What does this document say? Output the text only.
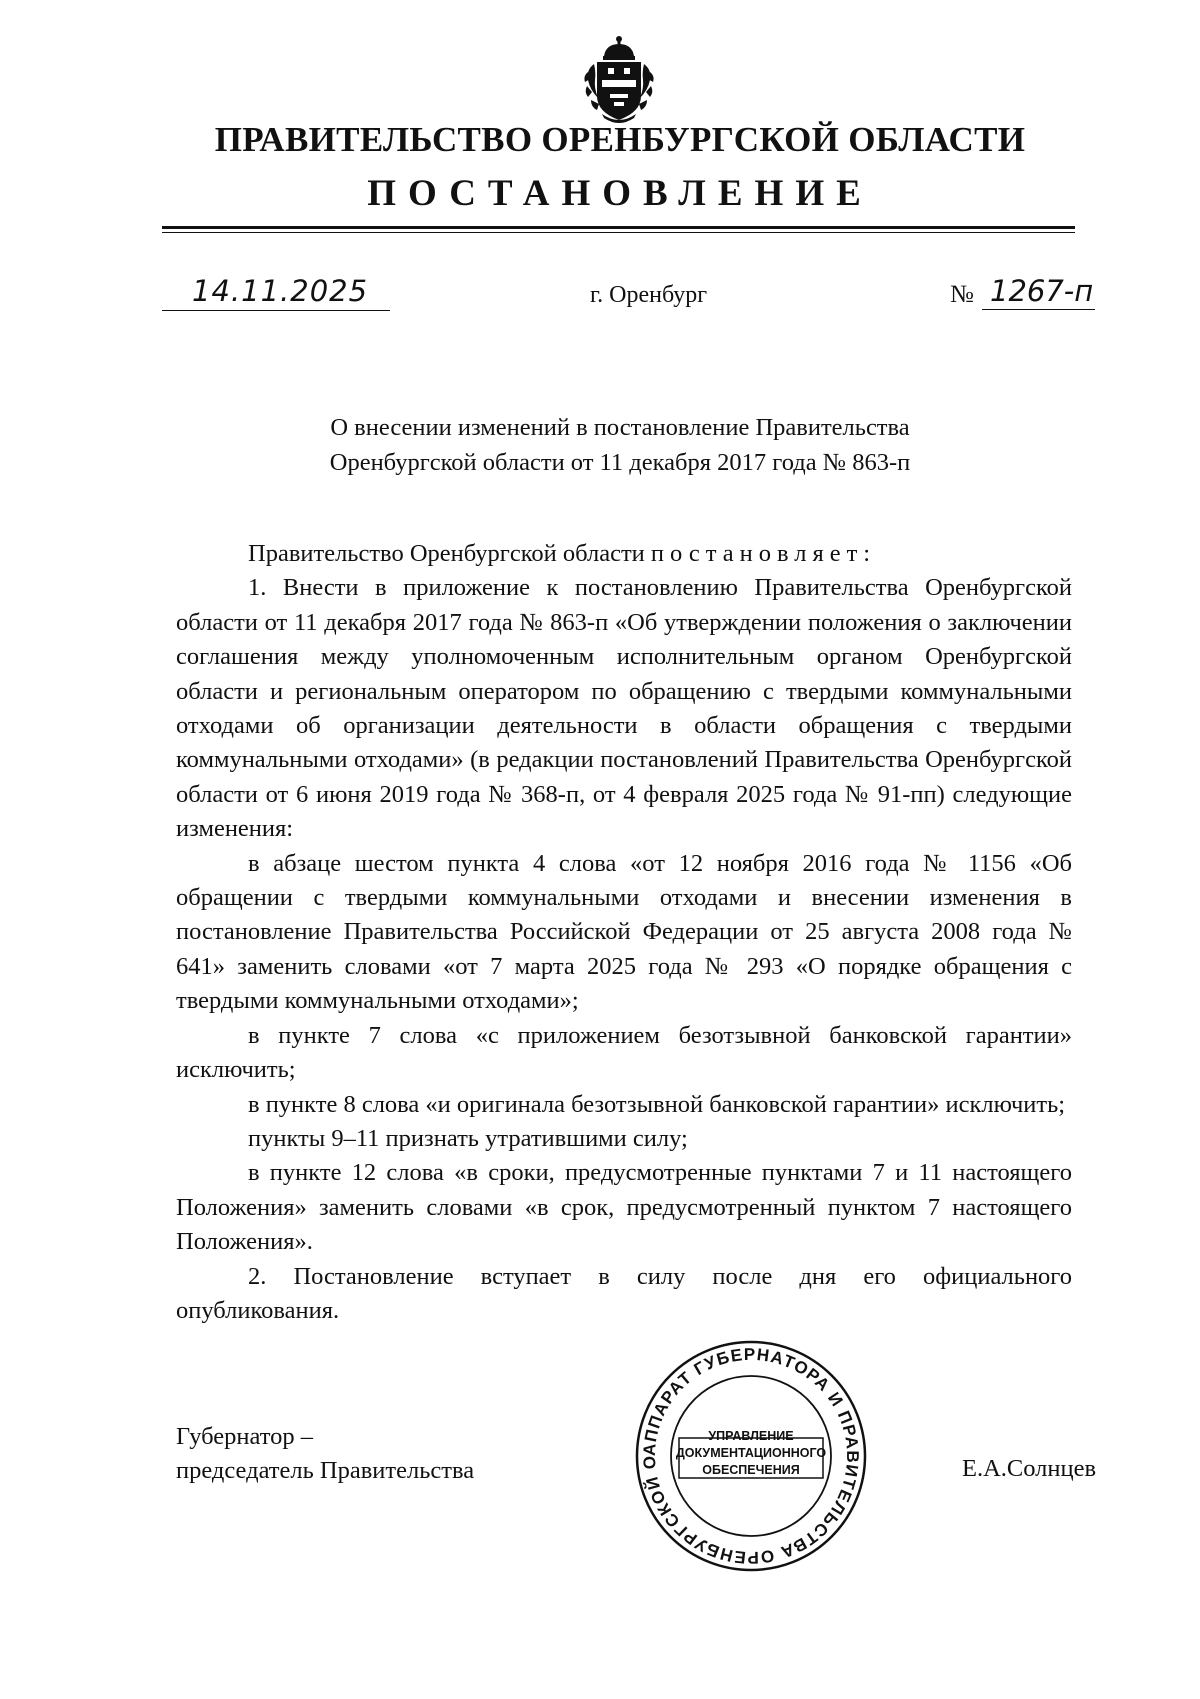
ПРАВИТЕЛЬСТВО ОРЕНБУРГСКОЙ ОБЛАСТИ
ПОСТАНОВЛЕНИЕ
14.11.2025	г. Оренбург	№ 1267-п
О внесении изменений в постановление Правительства
Оренбургской области от 11 декабря 2017 года № 863-п

Правительство Оренбургской области постановляет:

1. Внести в приложение к постановлению Правительства Оренбургской области от 11 декабря 2017 года № 863-п «Об утверждении положения о заключении соглашения между уполномоченным исполнительным органом Оренбургской области и региональным оператором по обращению с твердыми коммунальными отходами об организации деятельности в области обращения с твердыми коммунальными отходами» (в редакции постановлений Правительства Оренбургской области от 6 июня 2019 года № 368-п, от 4 февраля 2025 года № 91-пп) следующие изменения:

в абзаце шестом пункта 4 слова «от 12 ноября 2016 года № 1156 «Об обращении с твердыми коммунальными отходами и внесении изменения в постановление Правительства Российской Федерации от 25 августа 2008 года № 641» заменить словами «от 7 марта 2025 года № 293 «О порядке обращения с твердыми коммунальными отходами»;

в пункте 7 слова «с приложением безотзывной банковской гарантии» исключить;

в пункте 8 слова «и оригинала безотзывной банковской гарантии» исключить;

пункты 9–11 признать утратившими силу;

в пункте 12 слова «в сроки, предусмотренные пунктами 7 и 11 настоящего Положения» заменить словами «в срок, предусмотренный пунктом 7 настоящего Положения».

2. Постановление вступает в силу после дня его официального опубликования.

Губернатор –
председатель Правительства	Е.А.Солнцев
АППАРАТ ГУБЕРНАТОРА И ПРАВИТЕЛЬСТВА ОРЕНБУРГСКОЙ О
УПРАВЛЕНИЕ
ДОКУМЕНТАЦИОННОГО
ОБЕСПЕЧЕНИЯ
